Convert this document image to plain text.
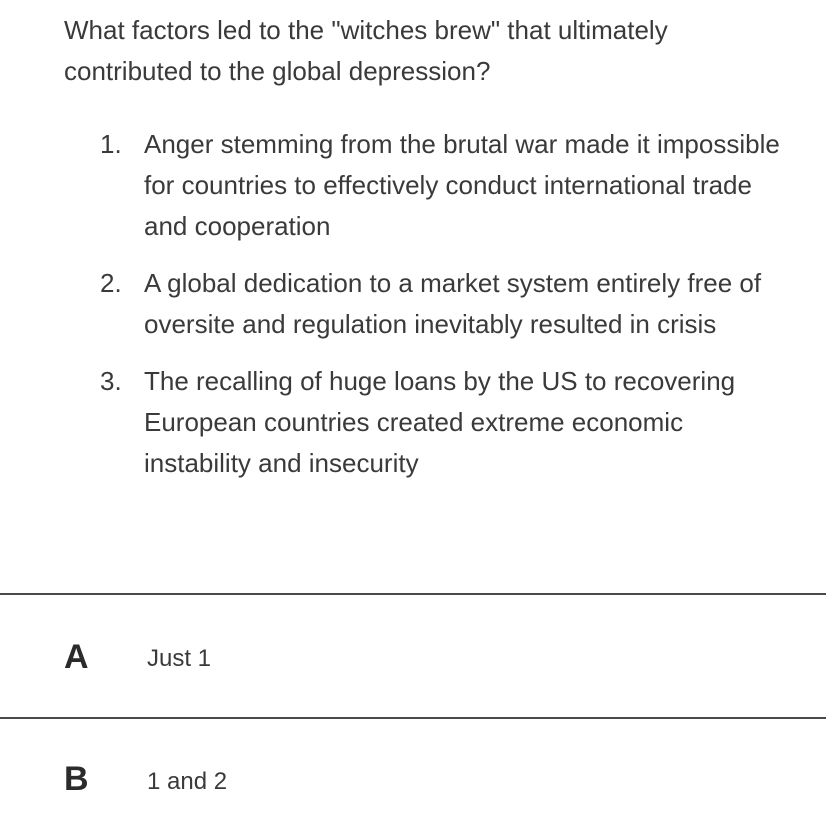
What factors led to the "witches brew" that ultimately contributed to the global depression?

1. Anger stemming from the brutal war made it impossible for countries to effectively conduct international trade and cooperation
2. A global dedication to a market system entirely free of oversite and regulation inevitably resulted in crisis
3. The recalling of huge loans by the US to recovering European countries created extreme economic instability and insecurity
A Just 1
B 1 and 2
